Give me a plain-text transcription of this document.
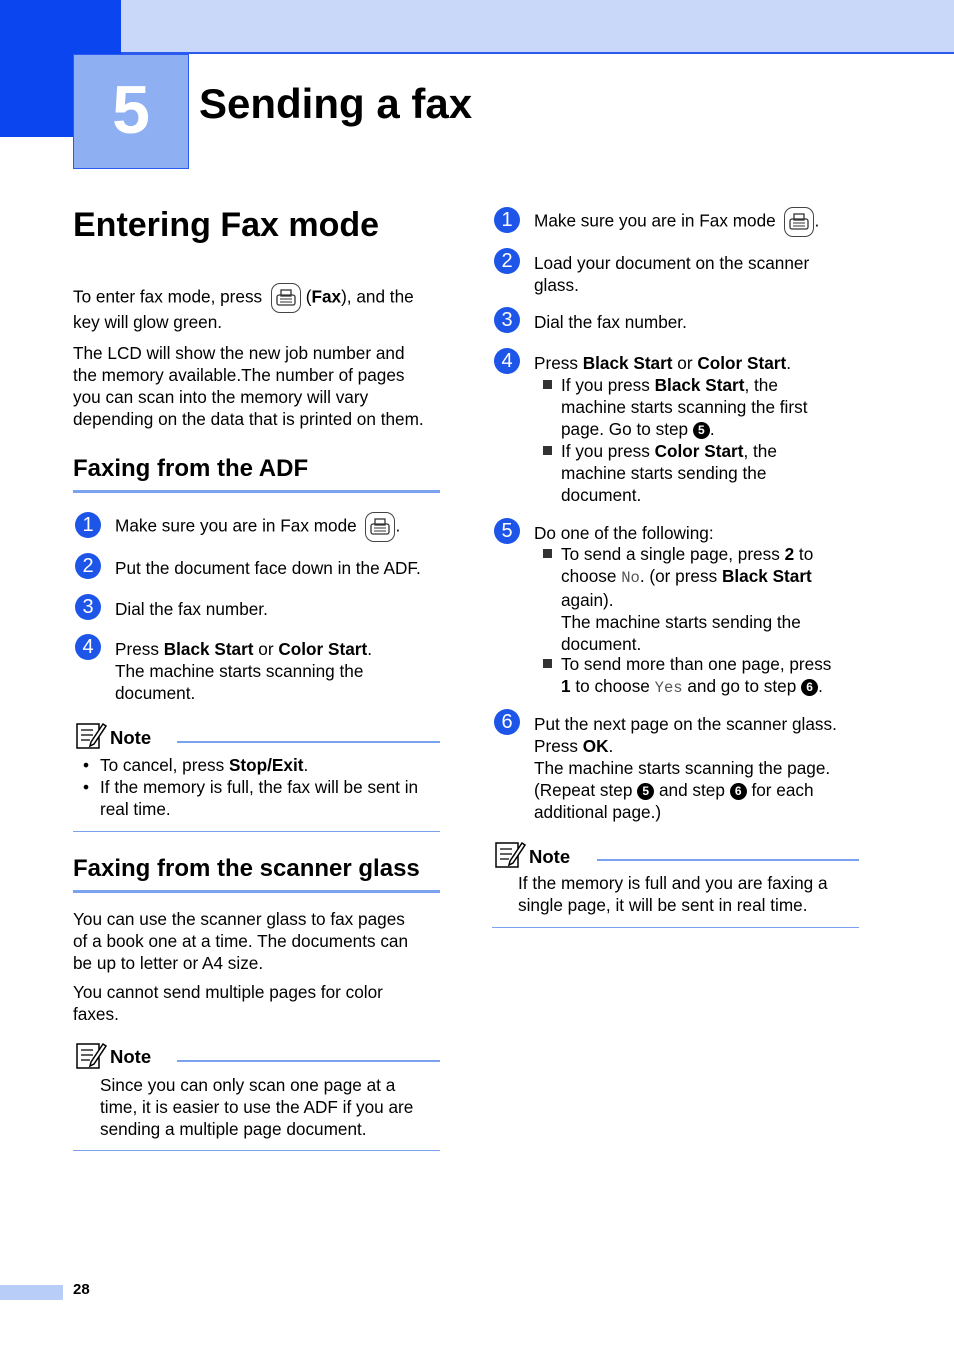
5	Sending a fax
Entering Fax mode
To enter fax mode, press	(Fax), and the
key will glow green.
The LCD will show the new job number and
the memory available.The number of pages
you can scan into the memory will vary
depending on the data that is printed on them.
Faxing from the ADF
1	Make sure you are in Fax mode .
2	Put the document face down in the ADF.
3	Dial the fax number.
4	Press Black Start or Color Start.
The machine starts scanning the
document.
Note
• To cancel, press Stop/Exit.
• If the memory is full, the fax will be sent in
real time.
Faxing from the scanner glass
You can use the scanner glass to fax pages
of a book one at a time. The documents can
be up to letter or A4 size.
You cannot send multiple pages for color
faxes.
Note
Since you can only scan one page at a
time, it is easier to use the ADF if you are
sending a multiple page document.
1	Make sure you are in Fax mode .
2	Load your document on the scanner
glass.
3	Dial the fax number.
4	Press Black Start or Color Start.
If you press Black Start, the
machine starts scanning the first
page. Go to step 5 .
If you press Color Start, the
machine starts sending the
document.
5	Do one of the following:
To send a single page, press 2 to
choose No. (or press Black Start
again).
The machine starts sending the
document.
To send more than one page, press
1 to choose Yes and go to step 6 .
6	Put the next page on the scanner glass.
Press OK.
The machine starts scanning the page.
(Repeat step 5 and step 6 for each
additional page.)
Note
If the memory is full and you are faxing a
single page, it will be sent in real time.
28
